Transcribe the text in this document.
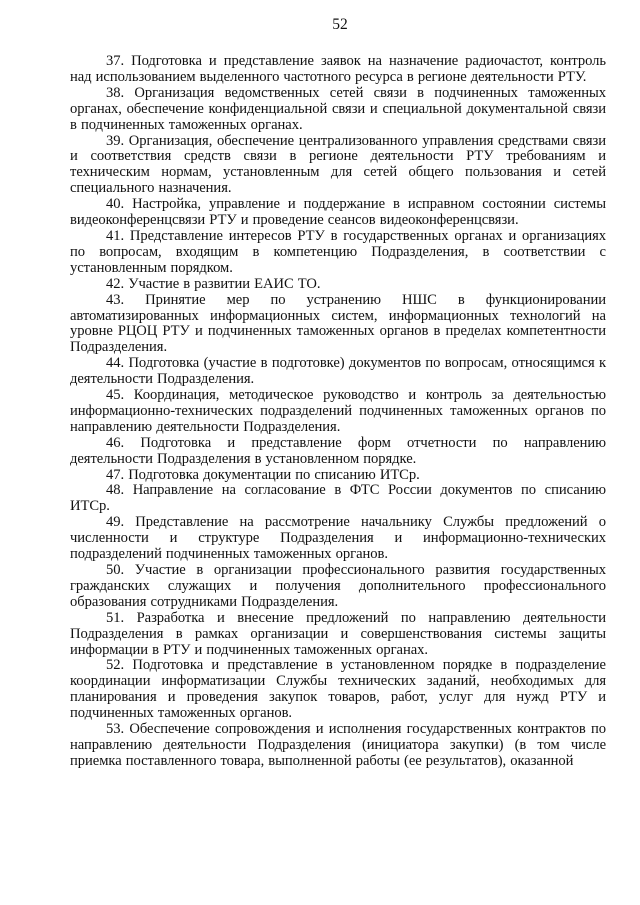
52

37. Подготовка и представление заявок на назначение радиочастот, контроль над использованием выделенного частотного ресурса в регионе деятельности РТУ.

38. Организация ведомственных сетей связи в подчиненных таможенных органах, обеспечение конфиденциальной связи и специальной документальной связи в подчиненных таможенных органах.

39. Организация, обеспечение централизованного управления средствами связи и соответствия средств связи в регионе деятельности РТУ требованиям и техническим нормам, установленным для сетей общего пользования и сетей специального назначения.

40. Настройка, управление и поддержание в исправном состоянии системы видеоконференцсвязи РТУ и проведение сеансов видеоконференцсвязи.

41. Представление интересов РТУ в государственных органах и организациях по вопросам, входящим в компетенцию Подразделения, в соответствии с установленным порядком.

42. Участие в развитии ЕАИС ТО.

43. Принятие мер по устранению НШС в функционировании автоматизированных информационных систем, информационных технологий на уровне РЦОЦ РТУ и подчиненных таможенных органов в пределах компетентности Подразделения.

44. Подготовка (участие в подготовке) документов по вопросам, относящимся к деятельности Подразделения.

45. Координация, методическое руководство и контроль за деятельностью информационно-технических подразделений подчиненных таможенных органов по направлению деятельности Подразделения.

46. Подготовка и представление форм отчетности по направлению деятельности Подразделения в установленном порядке.

47. Подготовка документации по списанию ИТСр.

48. Направление на согласование в ФТС России документов по списанию ИТСр.

49. Представление на рассмотрение начальнику Службы предложений о численности и структуре Подразделения и информационно-технических подразделений подчиненных таможенных органов.

50. Участие в организации профессионального развития государственных гражданских служащих и получения дополнительного профессионального образования сотрудниками Подразделения.

51. Разработка и внесение предложений по направлению деятельности Подразделения в рамках организации и совершенствования системы защиты информации в РТУ и подчиненных таможенных органах.

52. Подготовка и представление в установленном порядке в подразделение координации информатизации Службы технических заданий, необходимых для планирования и проведения закупок товаров, работ, услуг для нужд РТУ и подчиненных таможенных органов.

53. Обеспечение сопровождения и исполнения государственных контрактов по направлению деятельности Подразделения (инициатора закупки) (в том числе приемка поставленного товара, выполненной работы (ее результатов), оказанной
